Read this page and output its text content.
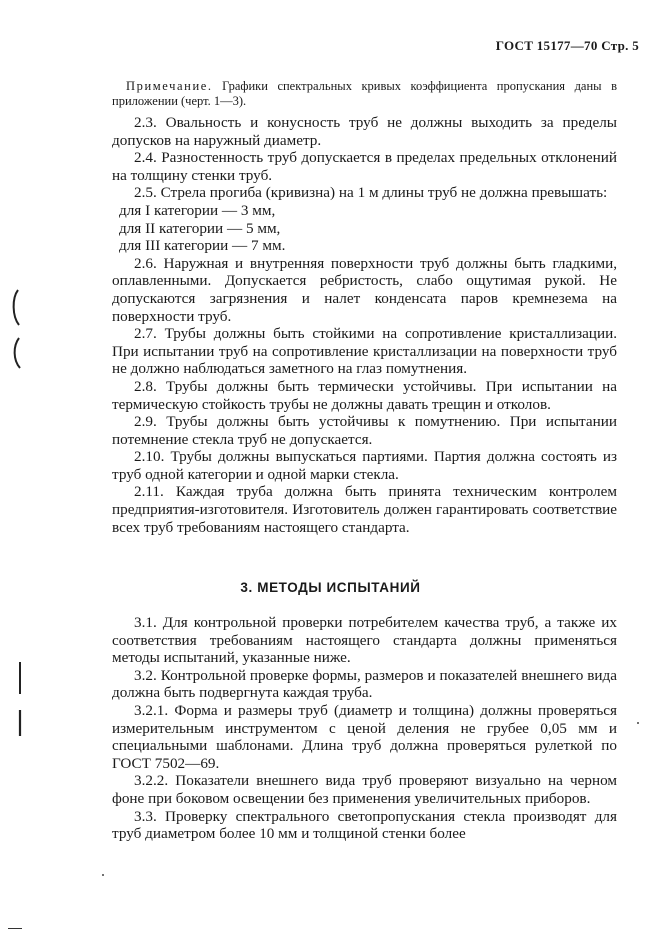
ГОСТ 15177—70 Стр. 5

Примечание. Графики спектральных кривых коэффициента пропускания даны в приложении (черт. 1—3).

2.3. Овальность и конусность труб не должны выходить за пределы допусков на наружный диаметр.

2.4. Разностенность труб допускается в пределах предельных отклонений на толщину стенки труб.

2.5. Стрела прогиба (кривизна) на 1 м длины труб не должна превышать:

для I категории — 3 мм,

для II категории — 5 мм,

для III категории — 7 мм.

2.6. Наружная и внутренняя поверхности труб должны быть гладкими, оплавленными. Допускается ребристость, слабо ощутимая рукой. Не допускаются загрязнения и налет конденсата паров кремнезема на поверхности труб.

2.7. Трубы должны быть стойкими на сопротивление кристаллизации. При испытании труб на сопротивление кристаллизации на поверхности труб не должно наблюдаться заметного на глаз помутнения.

2.8. Трубы должны быть термически устойчивы. При испытании на термическую стойкость трубы не должны давать трещин и отколов.

2.9. Трубы должны быть устойчивы к помутнению. При испытании потемнение стекла труб не допускается.

2.10. Трубы должны выпускаться партиями. Партия должна состоять из труб одной категории и одной марки стекла.

2.11. Каждая труба должна быть принята техническим контролем предприятия-изготовителя. Изготовитель должен гарантировать соответствие всех труб требованиям настоящего стандарта.

3. МЕТОДЫ ИСПЫТАНИЙ

3.1. Для контрольной проверки потребителем качества труб, а также их соответствия требованиям настоящего стандарта должны применяться методы испытаний, указанные ниже.

3.2. Контрольной проверке формы, размеров и показателей внешнего вида должна быть подвергнута каждая труба.

3.2.1. Форма и размеры труб (диаметр и толщина) должны проверяться измерительным инструментом с ценой деления не грубее 0,05 мм и специальными шаблонами. Длина труб должна проверяться рулеткой по ГОСТ 7502—69.

3.2.2. Показатели внешнего вида труб проверяют визуально на черном фоне при боковом освещении без применения увеличительных приборов.

3.3. Проверку спектрального светопропускания стекла производят для труб диаметром более 10 мм и толщиной стенки более
